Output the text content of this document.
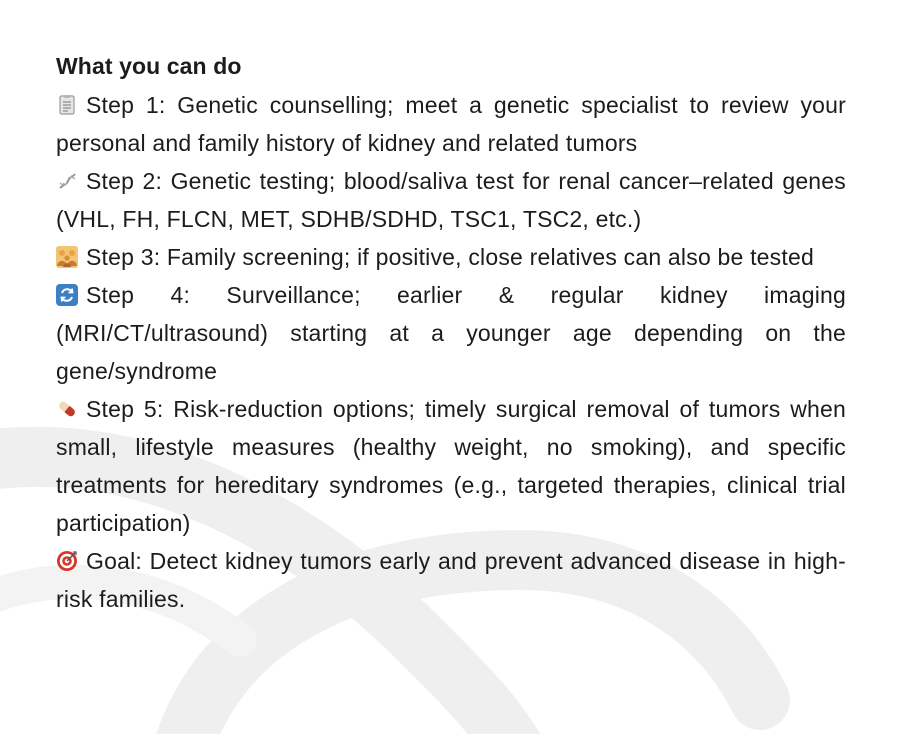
What you can do

Step 1: Genetic counselling; meet a genetic specialist to review your personal and family history of kidney and related tumors

Step 2: Genetic testing; blood/saliva test for renal cancer–related genes (VHL, FH, FLCN, MET, SDHB/SDHD, TSC1, TSC2, etc.)

Step 3: Family screening; if positive, close relatives can also be tested

Step 4: Surveillance; earlier & regular kidney imaging (MRI/CT/ultrasound) starting at a younger age depending on the gene/syndrome

Step 5: Risk-reduction options; timely surgical removal of tumors when small, lifestyle measures (healthy weight, no smoking), and specific treatments for hereditary syndromes (e.g., targeted therapies, clinical trial participation)

Goal: Detect kidney tumors early and prevent advanced disease in high-risk families.
